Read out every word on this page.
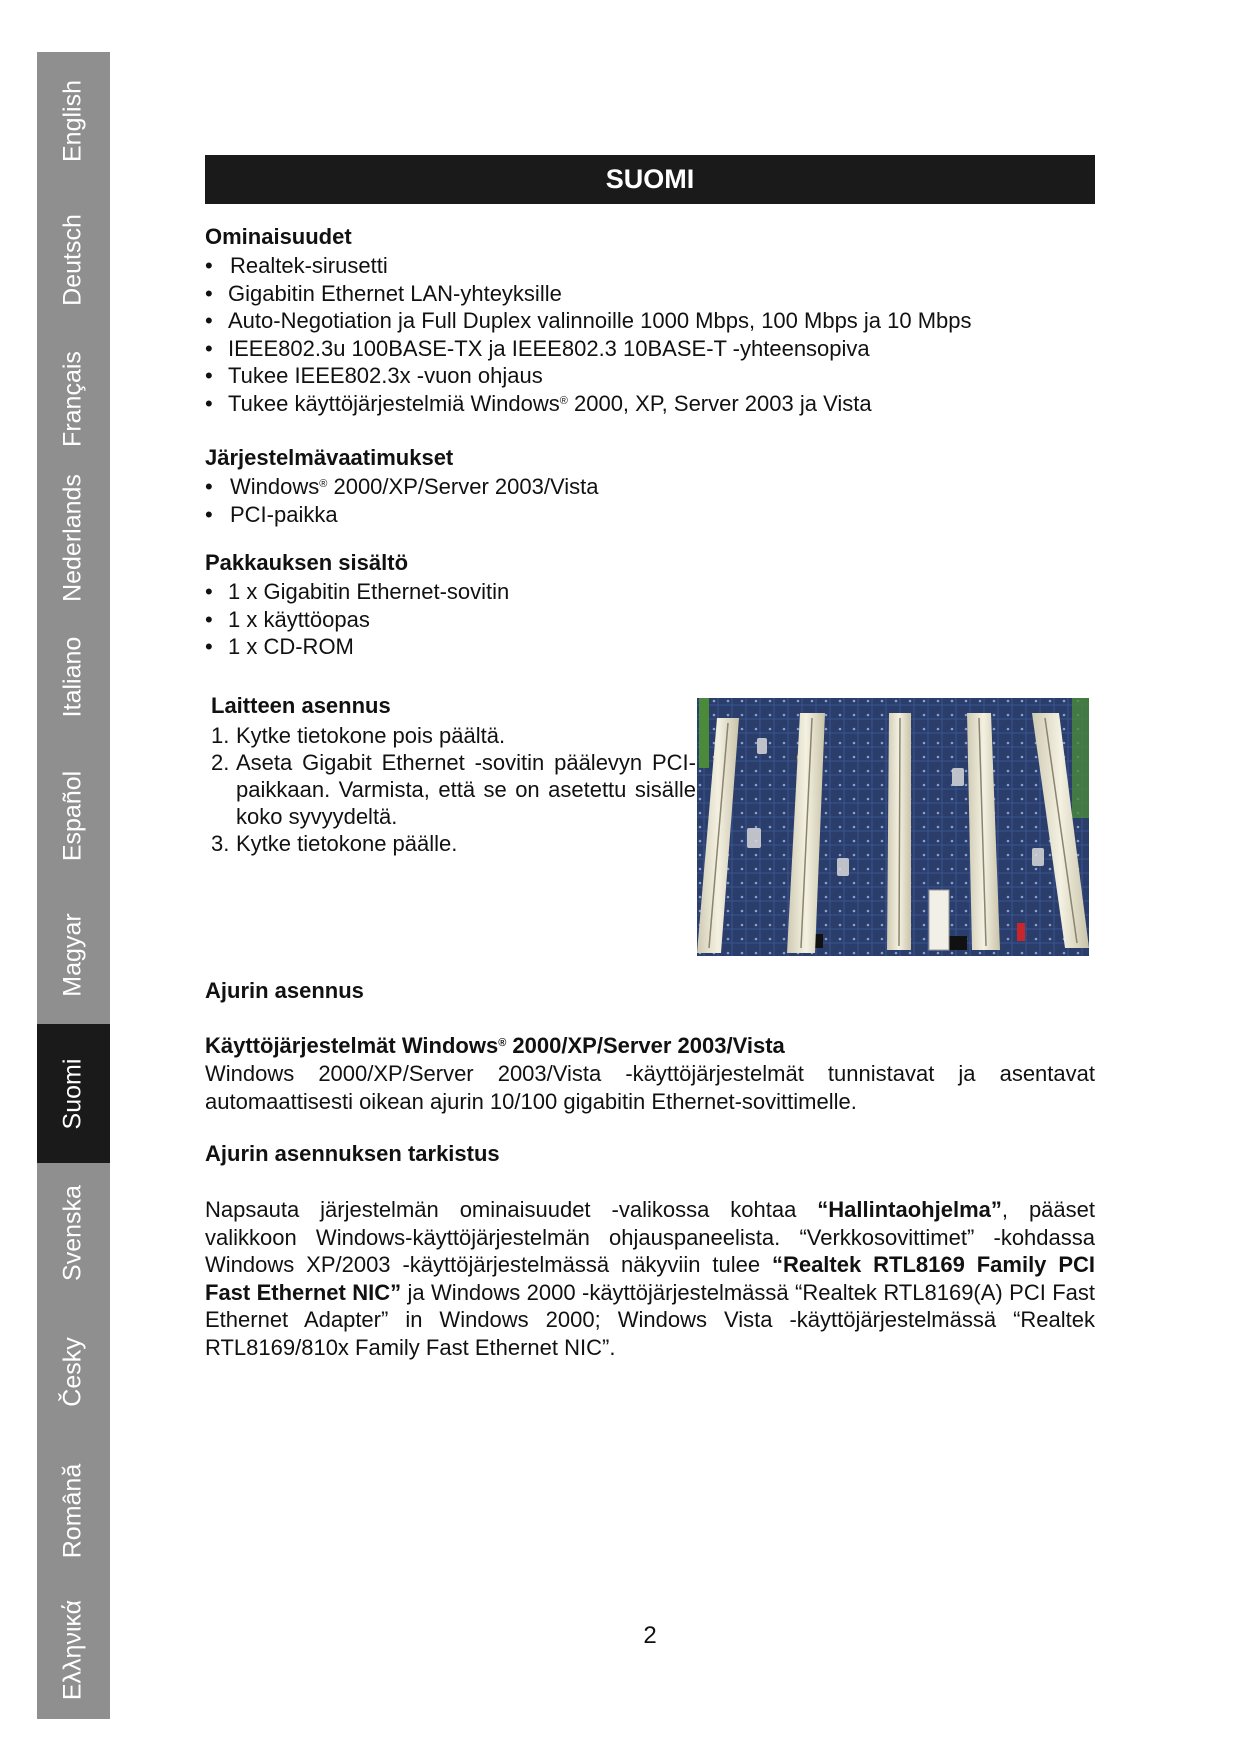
English
Deutsch
Français
Nederlands
Italiano
Español
Magyar
Suomi
Svenska
Česky
Română
Ελληνικά
SUOMI
Ominaisuudet
• Realtek-sirusetti
• Gigabitin Ethernet LAN-yhteyksille
• Auto-Negotiation ja Full Duplex valinnoille 1000 Mbps, 100 Mbps ja 10 Mbps
• IEEE802.3u 100BASE-TX ja IEEE802.3 10BASE-T -yhteensopiva
• Tukee IEEE802.3x -vuon ohjaus
• Tukee käyttöjärjestelmiä Windows® 2000, XP, Server 2003 ja Vista
Järjestelmävaatimukset
• Windows® 2000/XP/Server 2003/Vista
• PCI-paikka
Pakkauksen sisältö
• 1 x Gigabitin Ethernet-sovitin
• 1 x käyttöopas
• 1 x CD-ROM
Laitteen asennus
1. Kytke tietokone pois päältä.
2. Aseta Gigabit Ethernet -sovitin päälevyn PCI-paikkaan. Varmista, että se on asetettu sisälle koko syvyydeltä.
3. Kytke tietokone päälle.
Ajurin asennus
Käyttöjärjestelmät Windows® 2000/XP/Server 2003/Vista

Windows 2000/XP/Server 2003/Vista -käyttöjärjestelmät tunnistavat ja asentavat automaattisesti oikean ajurin 10/100 gigabitin Ethernet-sovittimelle.

Ajurin asennuksen tarkistus

Napsauta järjestelmän ominaisuudet -valikossa kohtaa “Hallintaohjelma”, pääset valikkoon Windows-käyttöjärjestelmän ohjauspaneelista. “Verkkosovittimet” -kohdassa Windows XP/2003 -käyttöjärjestelmässä näkyviin tulee “Realtek RTL8169 Family PCI Fast Ethernet NIC” ja Windows 2000 -käyttöjärjestelmässä “Realtek RTL8169(A) PCI Fast Ethernet Adapter” in Windows 2000; Windows Vista -käyttöjärjestelmässä “Realtek RTL8169/810x Family Fast Ethernet NIC”.

2
